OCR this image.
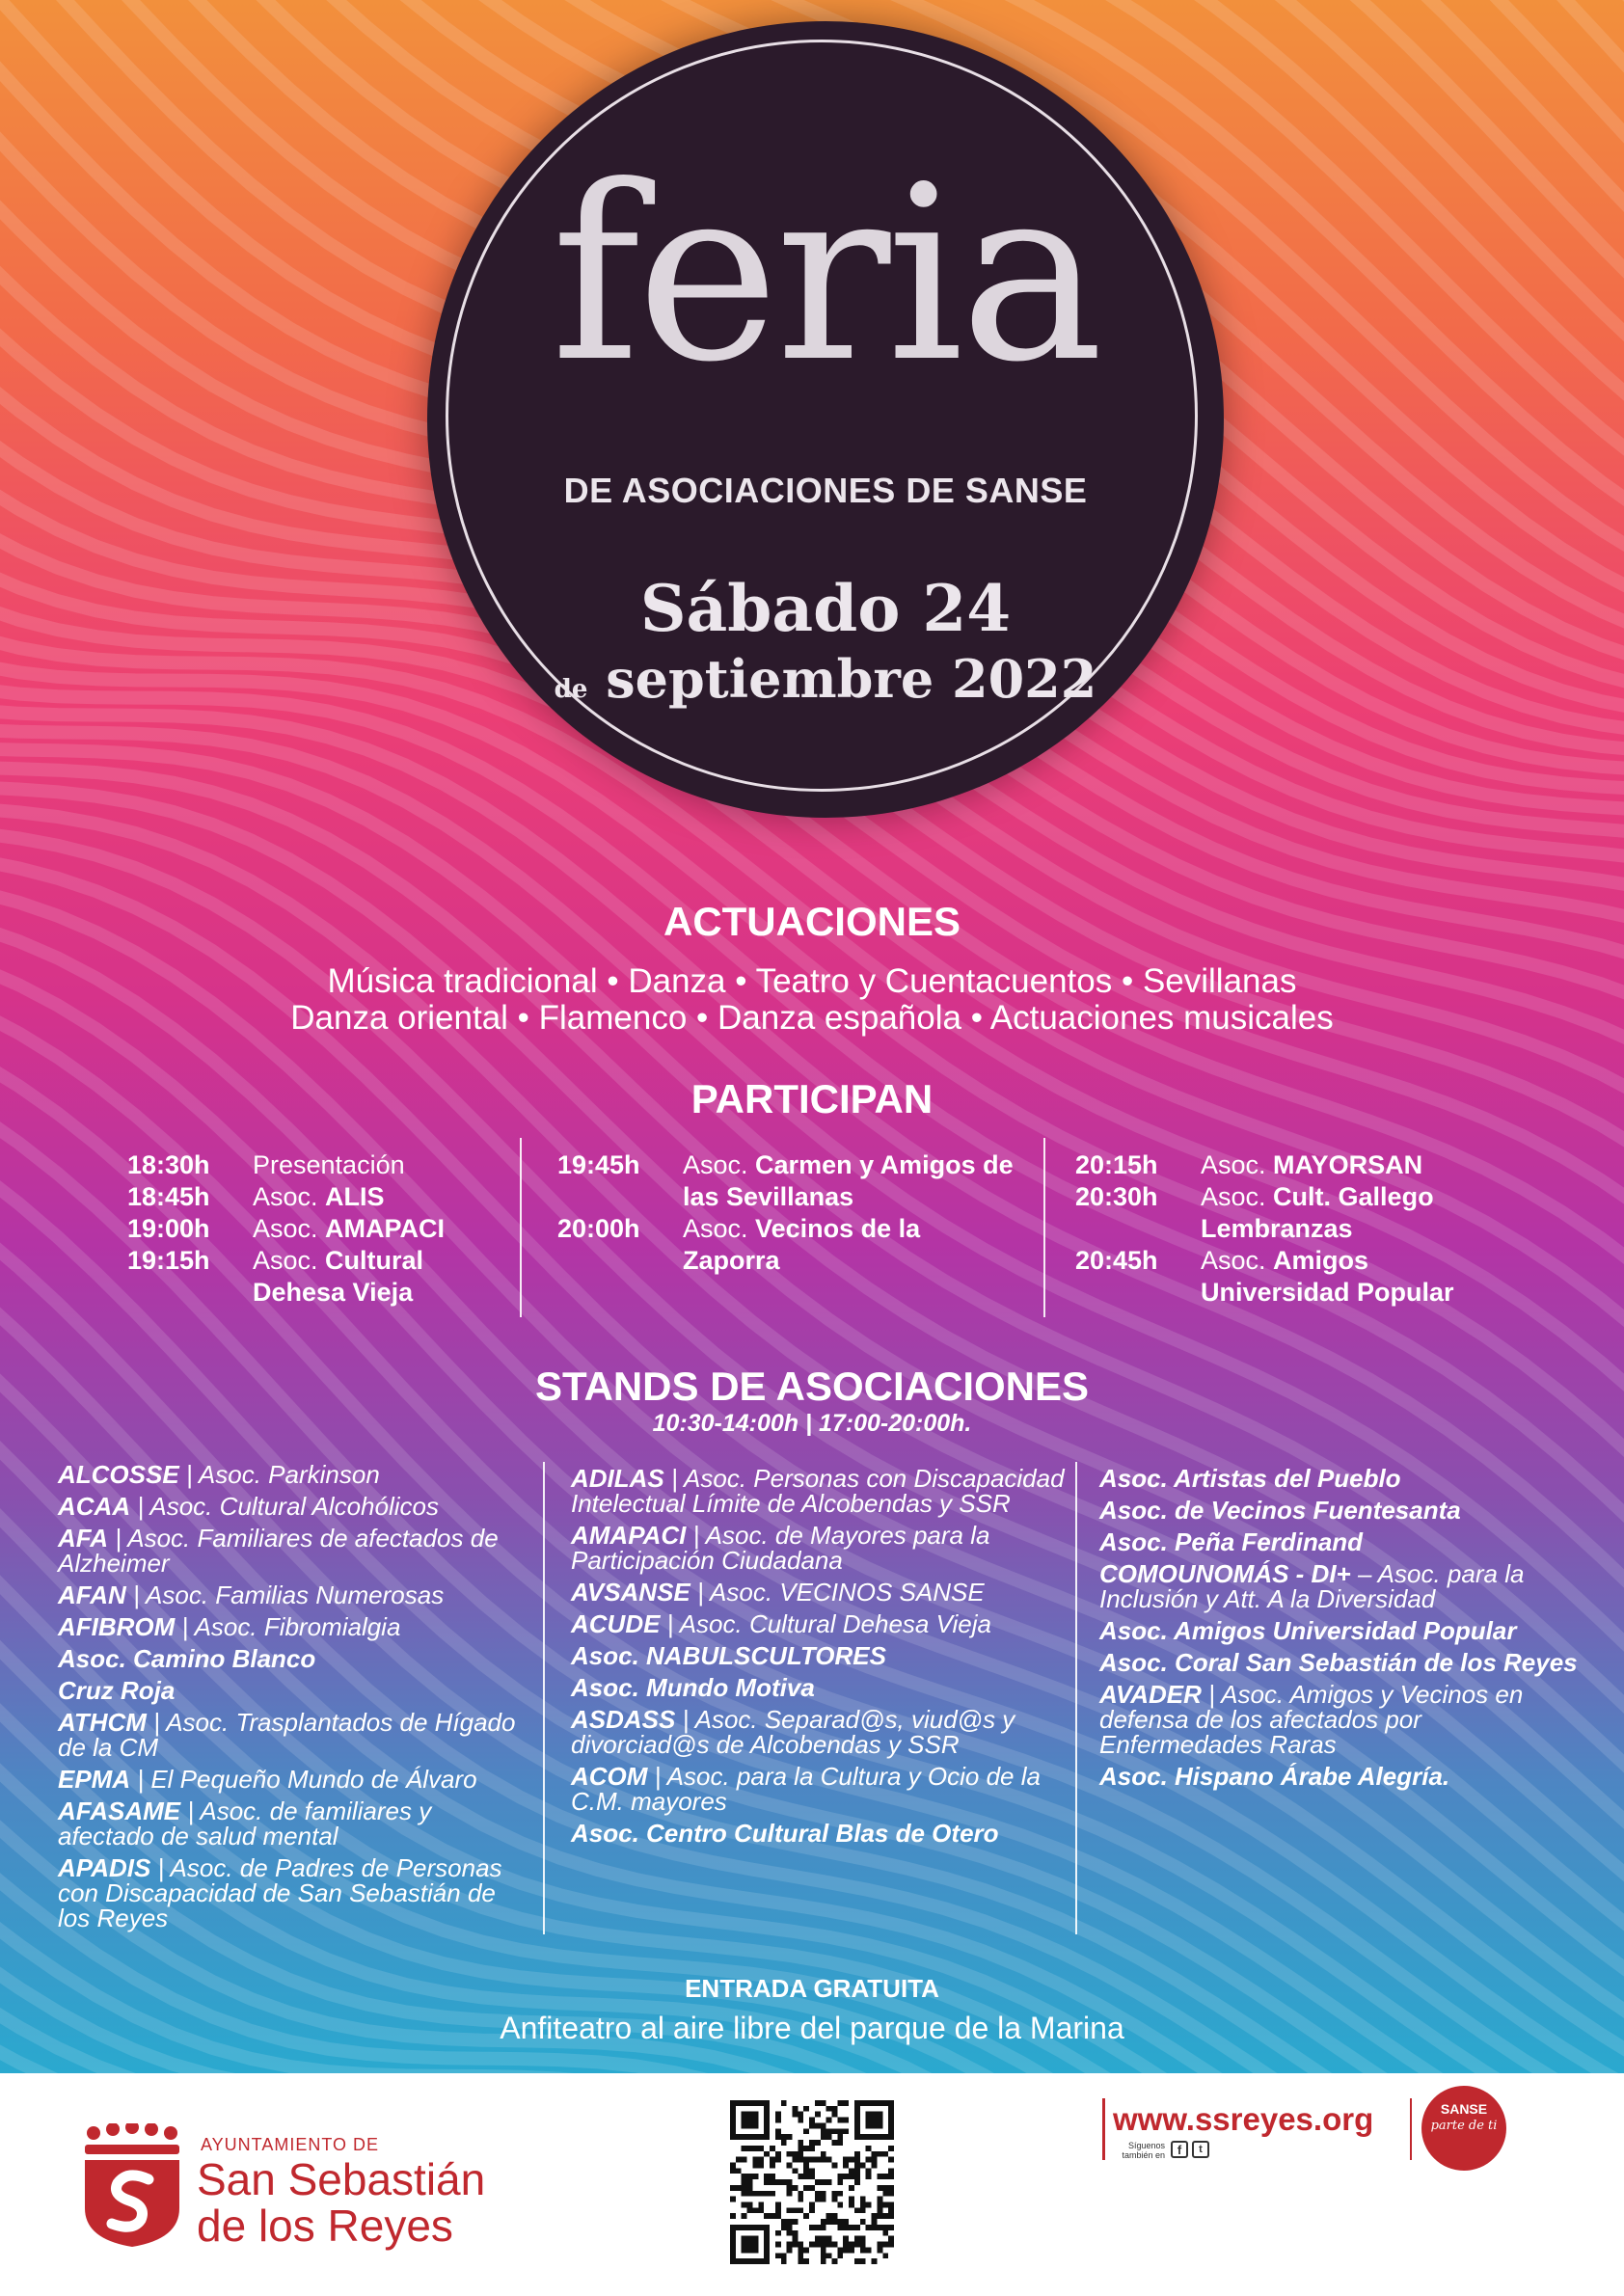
feria
DE ASOCIACIONES DE SANSE
Sábado 24
de septiembre 2022
ACTUACIONES
Música tradicional • Danza • Teatro y Cuentacuentos • Sevillanas
Danza oriental • Flamenco • Danza española • Actuaciones musicales
PARTICIPAN
18:30h	Presentación
18:45h	Asoc. ALIS
19:00h	Asoc. AMAPACI
19:15h	Asoc. Cultural Dehesa Vieja
19:45h	Asoc. Carmen y Amigos de las Sevillanas
20:00h	Asoc. Vecinos de la Zaporra
20:15h	Asoc. MAYORSAN
20:30h	Asoc. Cult. Gallego Lembranzas
20:45h	Asoc. Amigos Universidad Popular
STANDS DE ASOCIACIONES
10:30-14:00h | 17:00-20:00h.
ALCOSSE | Asoc. Parkinson
ACAA | Asoc. Cultural Alcohólicos
AFA | Asoc. Familiares de afectados de Alzheimer
AFAN | Asoc. Familias Numerosas
AFIBROM | Asoc. Fibromialgia
Asoc. Camino Blanco
Cruz Roja
ATHCM | Asoc. Trasplantados de Hígado de la CM
EPMA | El Pequeño Mundo de Álvaro
AFASAME | Asoc. de familiares y afectado de salud mental
APADIS | Asoc. de Padres de Personas con Discapacidad de San Sebastián de los Reyes
ADILAS | Asoc. Personas con Discapacidad Intelectual Límite de Alcobendas y SSR
AMAPACI | Asoc. de Mayores para la Participación Ciudadana
AVSANSE | Asoc. VECINOS SANSE
ACUDE | Asoc. Cultural Dehesa Vieja
Asoc. NABULSCULTORES
Asoc. Mundo Motiva
ASDASS | Asoc. Separad@s, viud@s y divorciad@s de Alcobendas y SSR
ACOM | Asoc. para la Cultura y Ocio de la C.M. mayores
Asoc. Centro Cultural Blas de Otero
Asoc. Artistas del Pueblo
Asoc. de Vecinos Fuentesanta
Asoc. Peña Ferdinand
COMOUNOMÁS - DI+ – Asoc. para la Inclusión y Att. A la Diversidad
Asoc. Amigos Universidad Popular
Asoc. Coral San Sebastián de los Reyes
AVADER | Asoc. Amigos y Vecinos en defensa de los afectados por Enfermedades Raras
Asoc. Hispano Árabe Alegría.
ENTRADA GRATUITA
Anfiteatro al aire libre del parque de la Marina
AYUNTAMIENTO DE
San Sebastián
de los Reyes
www.ssreyes.org
Síguenos también en f	t
SANSE
parte de ti
